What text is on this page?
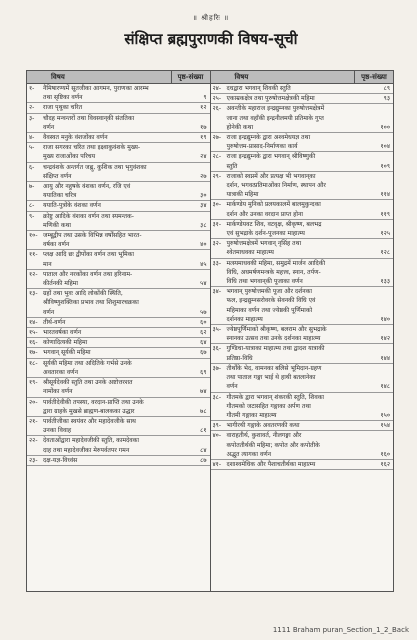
॥ श्रीहरिः ॥
संक्षिप्त ब्रह्मपुराणकी विषय-सूची
विषय	पृष्ठ-संख्या
१-	नैमिषारण्यमें सूतजीका आगमन, पुराणका आरम्भ
तथा सृष्टिका वर्णन	९
२-	राजा पृथुका चरित	१२
३-	चौदह मन्वन्तरों तथा विवस्वान्‌की संततिका
वर्णन	१७
४-	वैवस्वत मनुके वंशजोंका वर्णन	१९
५-	राजा सगरका चरित तथा इक्ष्वाकुवंशके मुख्य-
मुख्य राजाओंका परिचय	२४
६-	चन्द्रवंशके अन्तर्गत जह्नु, कुशिक तथा भृगुवंशका
संक्षिप्त वर्णन	२७
७-	आयु और नहुषके वंशका वर्णन, रजि एवं
ययातिका चरित्र	३०
८-	ययाति-पुत्रोंके वंशका वर्णन	३४
९-	क्रोष्टु आदिके वंशका वर्णन तथा स्यमन्तक-
मणिकी कथा	३८
१०- जम्बूद्वीप तथा उसके विभिन्न वर्षोंसहित भारत-
वर्षका वर्णन	४०
११- प्लक्ष आदि छः द्वीपोंका वर्णन तथा भूमिका
मान	४५
१२- पाताल और नरकोंका वर्णन तथा हरिनाम-
कीर्तनकी महिमा	५४
१३- ग्रहों तथा भुवः आदि लोकोंकी स्थिति,
श्रीविष्णुशक्तिका प्रभाव तथा शिशुमारचक्रका
वर्णन	५७
१४- तीर्थ-वर्णन	६०
१५- भारतवर्षका वर्णन	६२
१६- कोणादित्यकी महिमा	६४
१७- भगवान्‌ सूर्यकी महिमा	६७
१८- सूर्यकी महिमा तथा अदितिके गर्भसे उनके
अवतारका वर्णन	६९
१९- श्रीसूर्यदेवकी स्तुति तथा उनके अष्टोत्तरशत
नामोंका वर्णन	७४
२०- पार्वतीदेवीकी तपस्या, वरदान-प्राप्ति तथा उनके
द्वारा ग्राहके मुखसे ब्राह्मण-बालकका उद्धार	७८
२१- पार्वतीजीका स्वयंवर और महादेवजीके साथ
उनका विवाह	८१
२२- देवताओंद्वारा महादेवजीकी स्तुति, कामदेवका
दाह तथा महादेवजीका मेरुपर्वतपर गमन	८४
२३- दक्ष-यज्ञ-विध्वंस	८७
विषय	पृष्ठ-संख्या
२४- दधद्वारा भगवान्‌ शिवकी स्तुति	८९
२५- एकाम्रकक्षेत्र तथा पुरुषोत्तमक्षेत्रकी महिमा	९३
२६- अवन्तीके महाराज इन्द्रद्युम्नका पुरुषोत्तमक्षेत्रमें
जाना तथा वहाँकी इन्द्रनीलमयी प्रतिमाके गुप्त
होनेकी कथा	१००
२७- राजा इन्द्रद्युम्नके द्वारा अश्वमेधयज्ञ तथा
पुरुषोत्तम-प्रासाद-निर्माणका कार्य	१०४
२८- राजा इन्द्रद्युम्नके द्वारा भगवान्‌ श्रीविष्णुकी
स्तुति	१०९
२९- राजाको स्वप्नमें और प्रत्यक्ष भी भगवान्‌का
दर्शन, भगवत्प्रतिमाओंका निर्माण, स्थापन और
यात्राकी महिमा	११४
३०- मार्कण्डेय मुनिको प्रलयकालमें बालमुकुन्दका
दर्शन और उनका वरदान प्राप्त होना	११९
३१- मार्कण्डेयवट शिव, वटवृक्ष, श्रीकृष्ण, बलभद्र
एवं सुभद्राके दर्शन-पूजनका माहात्म्य	१२५
३२- पुरुषोत्तमक्षेत्रमें भगवान्‌ नृसिंह तथा
श्वेतमाधवका माहात्म्य	१२८
३३- मत्स्यमाधवकी महिमा, समुद्रमें मार्जन आदिकी
विधि, अघमर्षणमन्त्रके महत्त्व, स्नान, तर्पण-
विधि तथा भगवान्‌की पूजाका वर्णन	१३३
३४- भगवान्‌ पुरुषोत्तमकी पूजा और दर्शनका
फल, इन्द्रद्युम्नसरोवरके सेवनकी विधि एवं
महिमाका वर्णन तथा ज्येष्ठकी पूर्णिमाको
दर्शनका माहात्म्य	१४०
३५- ज्येष्ठपूर्णिमाको श्रीकृष्ण, बलराम और सुभद्राके
स्नानका उत्सव तथा उनके दर्शनका माहात्म्य	१४२
३६- गुण्डिचा-यात्राका माहात्म्य तथा द्वादश यात्राकी
प्रतिष्ठा-विधि	१४४
३७- तीर्थोंके भेद, वामनका बलिसे भूमिदान-ग्रहण
तथा पाताल गङ्गा भाई थे हाथी बतलानेका
वर्णन	१४८
३८- गौतमके द्वारा भगवान्‌ शंकरकी स्तुति, शिवका
गौतमको जटासहित गङ्गाका अर्पण तथा
गौतमी गङ्गाका माहात्म्य	१५०
३९- भागीरथी गङ्गाके अवतरणकी कथा	१५४
४०- वाराहतीर्थ, कुशावर्त, नीलगङ्गा और
कपोततीर्थकी महिमा; कपोत और कपोतीके
अद्भुत त्यागका वर्णन	१६०
४१- दशाश्वमेधिक और पैशाचतीर्थका माहात्म्य	१६२
1111 Braham puran_Section_1_2_Back
